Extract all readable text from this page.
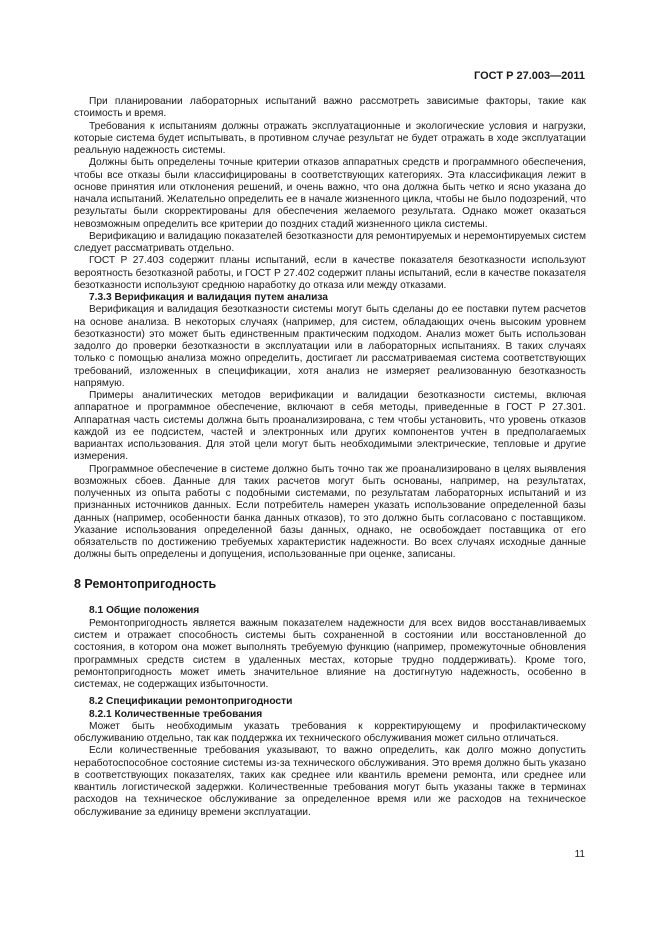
ГОСТ Р 27.003—2011

При планировании лабораторных испытаний важно рассмотреть зависимые факторы, такие как стоимость и время.

Требования к испытаниям должны отражать эксплуатационные и экологические условия и нагрузки, которые система будет испытывать, в противном случае результат не будет отражать в ходе эксплуатации реальную надежность системы.

Должны быть определены точные критерии отказов аппаратных средств и программного обеспечения, чтобы все отказы были классифицированы в соответствующих категориях. Эта классификация лежит в основе принятия или отклонения решений, и очень важно, что она должна быть четко и ясно указана до начала испытаний. Желательно определить ее в начале жизненного цикла, чтобы не было подозрений, что результаты были скорректированы для обеспечения желаемого результата. Однако может оказаться невозможным определить все критерии до поздних стадий жизненного цикла системы.

Верификацию и валидацию показателей безотказности для ремонтируемых и неремонтируемых систем следует рассматривать отдельно.

ГОСТ Р 27.403 содержит планы испытаний, если в качестве показателя безотказности используют вероятность безотказной работы, и ГОСТ Р 27.402 содержит планы испытаний, если в качестве показателя безотказности используют среднюю наработку до отказа или между отказами.

7.3.3 Верификация и валидация путем анализа

Верификация и валидация безотказности системы могут быть сделаны до ее поставки путем расчетов на основе анализа. В некоторых случаях (например, для систем, обладающих очень высоким уровнем безотказности) это может быть единственным практическим подходом. Анализ может быть использован задолго до проверки безотказности в эксплуатации или в лабораторных испытаниях. В таких случаях только с помощью анализа можно определить, достигает ли рассматриваемая система соответствующих требований, изложенных в спецификации, хотя анализ не измеряет реализованную безотказность напрямую.

Примеры аналитических методов верификации и валидации безотказности системы, включая аппаратное и программное обеспечение, включают в себя методы, приведенные в ГОСТ Р 27.301. Аппаратная часть системы должна быть проанализирована, с тем чтобы установить, что уровень отказов каждой из ее подсистем, частей и электронных или других компонентов учтен в предполагаемых вариантах использования. Для этой цели могут быть необходимыми электрические, тепловые и другие измерения.

Программное обеспечение в системе должно быть точно так же проанализировано в целях выявления возможных сбоев. Данные для таких расчетов могут быть основаны, например, на результатах, полученных из опыта работы с подобными системами, по результатам лабораторных испытаний и из признанных источников данных. Если потребитель намерен указать использование определенной базы данных (например, особенности банка данных отказов), то это должно быть согласовано с поставщиком. Указание использования определенной базы данных, однако, не освобождает поставщика от его обязательств по достижению требуемых характеристик надежности. Во всех случаях исходные данные должны быть определены и допущения, использованные при оценке, записаны.

8 Ремонтопригодность
8.1 Общие положения

Ремонтопригодность является важным показателем надежности для всех видов восстанавливаемых систем и отражает способность системы быть сохраненной в состоянии или восстановленной до состояния, в котором она может выполнять требуемую функцию (например, промежуточные обновления программных средств систем в удаленных местах, которые трудно поддерживать). Кроме того, ремонтопригодность может иметь значительное влияние на достигнутую надежность, особенно в системах, не содержащих избыточности.

8.2 Спецификации ремонтопригодности
8.2.1 Количественные требования

Может быть необходимым указать требования к корректирующему и профилактическому обслуживанию отдельно, так как поддержка их технического обслуживания может сильно отличаться.

Если количественные требования указывают, то важно определить, как долго можно допустить неработоспособное состояние системы из-за технического обслуживания. Это время должно быть указано в соответствующих показателях, таких как среднее или квантиль времени ремонта, или среднее или квантиль логистической задержки. Количественные требования могут быть указаны также в терминах расходов на техническое обслуживание за определенное время или же расходов на техническое обслуживание за единицу времени эксплуатации.

11
